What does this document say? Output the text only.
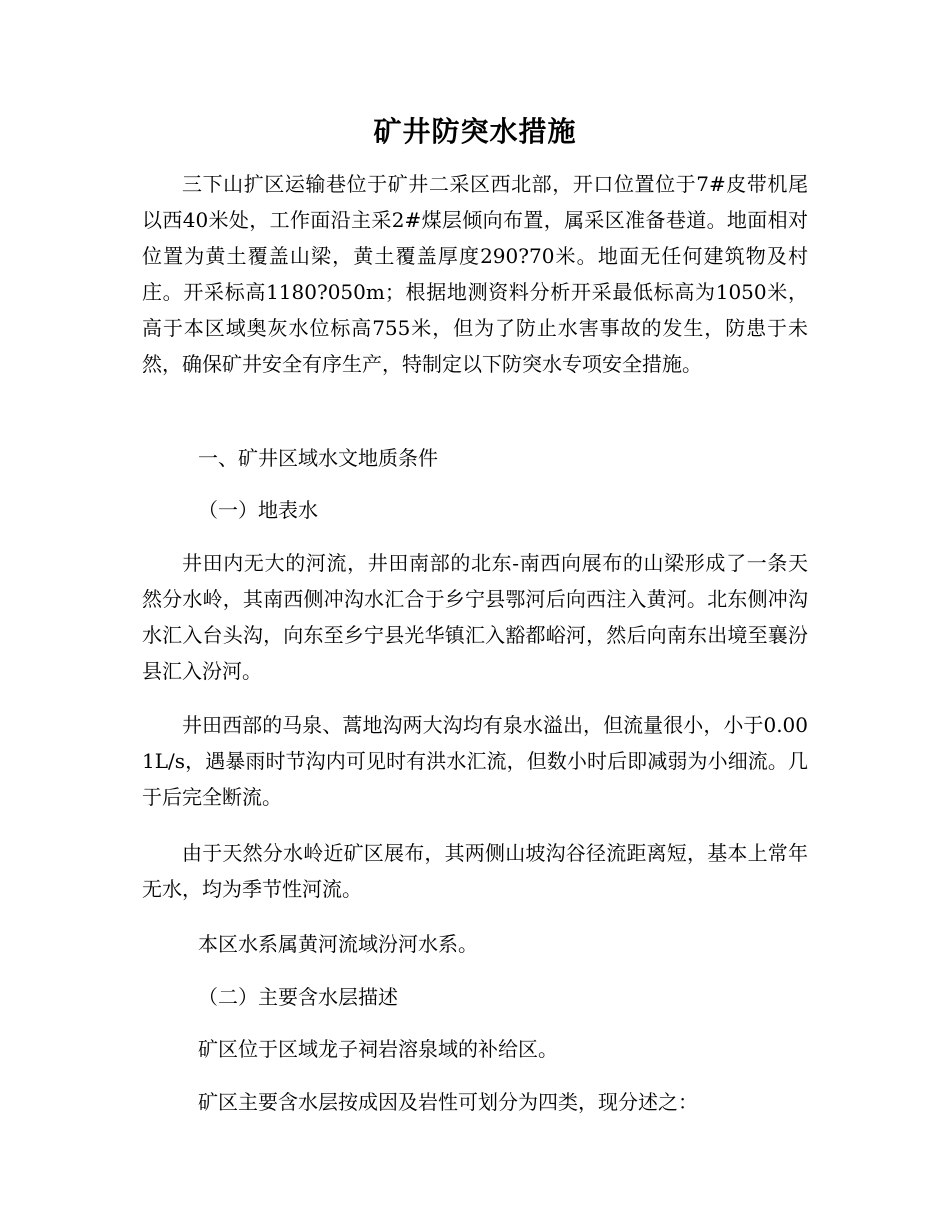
矿井防突水措施

三下山扩区运输巷位于矿井二采区西北部，开口位置位于7#皮带机尾以西40米处，工作面沿主采2#煤层倾向布置，属采区准备巷道。地面相对位置为黄土覆盖山梁，黄土覆盖厚度290?70米。地面无任何建筑物及村庄。开采标高1180?050m；根据地测资料分析开采最低标高为1050米，高于本区域奥灰水位标高755米，但为了防止水害事故的发生，防患于未然，确保矿井安全有序生产，特制定以下防突水专项安全措施。

一、矿井区域水文地质条件

（一）地表水

井田内无大的河流，井田南部的北东-南西向展布的山梁形成了一条天然分水岭，其南西侧冲沟水汇合于乡宁县鄂河后向西注入黄河。北东侧冲沟水汇入台头沟，向东至乡宁县光华镇汇入豁都峪河，然后向南东出境至襄汾县汇入汾河。

井田西部的马泉、蒿地沟两大沟均有泉水溢出，但流量很小，小于0.001L/s，遇暴雨时节沟内可见时有洪水汇流，但数小时后即减弱为小细流。几于后完全断流。

由于天然分水岭近矿区展布，其两侧山坡沟谷径流距离短，基本上常年无水，均为季节性河流。

本区水系属黄河流域汾河水系。

（二）主要含水层描述

矿区位于区域龙子祠岩溶泉域的补给区。

矿区主要含水层按成因及岩性可划分为四类，现分述之：
